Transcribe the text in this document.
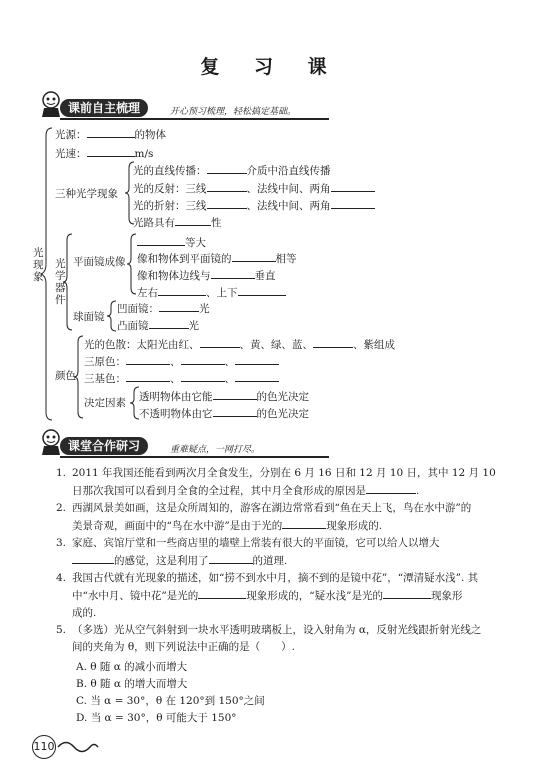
复 习 课
课前自主梳理	开心预习梳理，轻松搞定基础。
光现象
光源：	的物体
光速：	m/s
三种光学现象
光的直线传播：	介质中沿直线传播
光的反射：三线	、法线中间、两角
光的折射：三线	、法线中间、两角
光路具有	性
光学器件
平面镜成像
等大
像和物体到平面镜的	相等
像和物体边线与	垂直
左右	、上下
球面镜
凹面镜：	光
凸面镜	光
颜色
光的色散：太阳光由红、	、黄、绿、蓝、	、紫组成
三原色：	、	、
三基色：	、	、
决定因素 透明物体由它能	的色光决定
不透明物体由它	的色光决定
课堂合作研习	重难疑点，一网打尽。
1. 2011 年我国还能看到两次月全食发生，分别在 6 月 16 日和 12 月 10 日，其中 12 月 10
日那次我国可以看到月全食的全过程，其中月全食形成的原因是	.
2. 西湖风景美如画，这是众所周知的，游客在湖边常常看到“鱼在天上飞，鸟在水中游”的
美景奇观，画面中的“鸟在水中游”是由于光的	现象形成的.
3. 家庭、宾馆厅堂和一些商店里的墙壁上常装有很大的平面镜，它可以给人以增大
的感觉，这是利用了	的道理.
4. 我国古代就有光现象的描述，如“捞不到水中月，摘不到的是镜中花”，“潭清疑水浅”. 其
中“水中月、镜中花”是光的	现象形成的，“疑水浅”是光的	现象形
成的.
5. （多选）光从空气斜射到一块水平透明玻璃板上，设入射角为 α，反射光线跟折射光线之
间的夹角为 θ，则下列说法中正确的是（　　）.
A. θ 随 α 的减小而增大
B. θ 随 α 的增大而增大
C. 当 α = 30°，θ 在 120°到 150°之间
D. 当 α = 30°，θ 可能大于 150°
110
